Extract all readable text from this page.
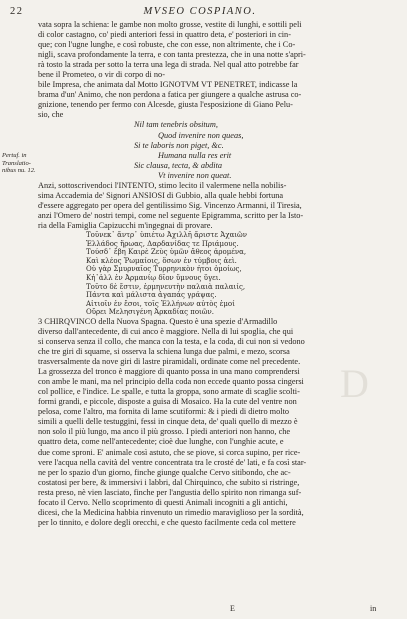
22	MVSEO COSPIANO.
Pertuf. in
Translatio-
nibus nu. 12.
vata sopra la schiena: le gambe non molto grosse, vestite di lunghi, e sottili peli
di color castagno, co' piedi anteriori fessi in quattro deta, e' posteriori in cin-
que; con l'ugne lunghe, e così robuste, che con esse, non altrimente, che i Co-
nigli, scava profondamente la terra, e con tanta prestezza, che in una notte s'apri-
rà tosto la strada per sotto la terra una lega di strada. Nel qual atto potrebbe far
bene il Prometeo, o vir di corpo di no-
bile Impresa, che animata dal Motto IGNOTVM VT PENETRET, indicasse la
brama d'un' Animo, che non perdona a fatica per giungere a qualche astrusa co-
gnizione, tenendo per fermo con Alcesde, giusta l'esposizione di Giano Pelu-
sio, che
Nil tam tenebris obsitum,
Quod invenire non queas,
Si te laboris non piget, &c.
Humana nulla res erit
Sic clausa, tecta, & abdita
Vt invenire non queat.
Anzi, sottoscrivendoci l'INTENTO, stimo lecito il valermene nella nobilis-
sima Accademia de' Signori ANSIOSI di Gubbio, alla quale hebbi fortuna
d'essere aggregato per opera del gentilissimo Sig. Vincenzo Armanni, il Tiresia,
anzi l'Omero de' nostri tempi, come nel seguente Epigramma, scritto per la Isto-
ria della Famiglia Capizucchi m'ingegnai di provare.
Τοῦνεκ᾽ ἄντρ᾽ ὑπιέτω Ἀχιλλῆ ἄριστε Ἀχαιῶν
Ἑλλάδος ἥρωας, Δαρδανίδας τε Πριάμους.
Τούσδ᾽ ἔβη Καιρὲ Ζεὺς ὑμῶν ἄθεος ἀρομένα,
Καὶ κλέος Ῥωμαίοις, ὅσων ἐν τύμβοις ἀεὶ.
Οὐ γὰρ Σμυρναῖος Τυρρηνικὸν ἦτοι ὁμοίως,
Κἠ᾽ἀλλ ἐν Ἀρμανίῳ δῖον ὕμνους ὕγει.
Τοῦτο δὲ ἔστιν, ἑρμηνευτὴν παλαιὰ παλαιίς,
Πάντα καὶ μάλιστα ἀγαπάς γράψας.
Αἰτιοῖν ἐν ἔσοι, τοῖς Ἑλλήνων αὐτὸς ἐμοί
Οὔρει Μελησιγένη Ἀρκαδίας ποιῶν.
3 CHIRQVINCO della Nuova Spagna. Questo è una spezie d'Armadillo
diverso dall'antecedente, di cui anco è maggiore. Nella di lui spoglia, che qui
si conserva senza il collo, che manca con la testa, e la coda, di cui non si vedono
che tre giri di squame, si osserva la schiena lunga due palmi, e mezo, scorsa
trasversalmente da nove giri di lastre piramidali, ordinate come nel precedente.
La grossezza del tronco è maggiore di quanto possa in una mano comprendersi
con ambe le mani, ma nel principio della coda non eccede quanto possa cingersi
col pollice, e l'indice. Le spalle, e tutta la groppa, sono armate di scaglie scolti-
formi grandi, e piccole, disposte a guisa di Mosaico. Ha la cute del ventre non
pelosa, come l'altro, ma fornita di lame scutiformi: & i piedi di dietro molto
simili a quelli delle testuggini, fessi in cinque deta, de' quali quello di mezzo è
non solo il più lungo, ma anco il più grosso. I piedi anteriori non hanno, che
quattro deta, come nell'antecedente; cioè due lunghe, con l'unghie acute, e
due come sproni. E' animale così astuto, che se piove, si corca supino, per rice-
vere l'acqua nella cavità del ventre concentrata tra le crosté de' lati, e fa così star-
ne per lo spazio d'un giorno, finche giunge qualche Cervo sitibondo, che ac-
costatosi per bere, & immersivi i labbri, dal Chirquinco, che subito si ristringe,
resta preso, nè vien lasciato, finche per l'angustia dello spirito non rimanga suf-
focato il Cervo. Nello scoprimento di questi Animali incogniti a gli antichi,
dicesi, che la Medicina habbia rinvenuto un rimedio maraviglioso per la sordità,
per lo tinnito, e dolore degli orecchi, e che questo facilmente ceda col mettere
D
E	in
